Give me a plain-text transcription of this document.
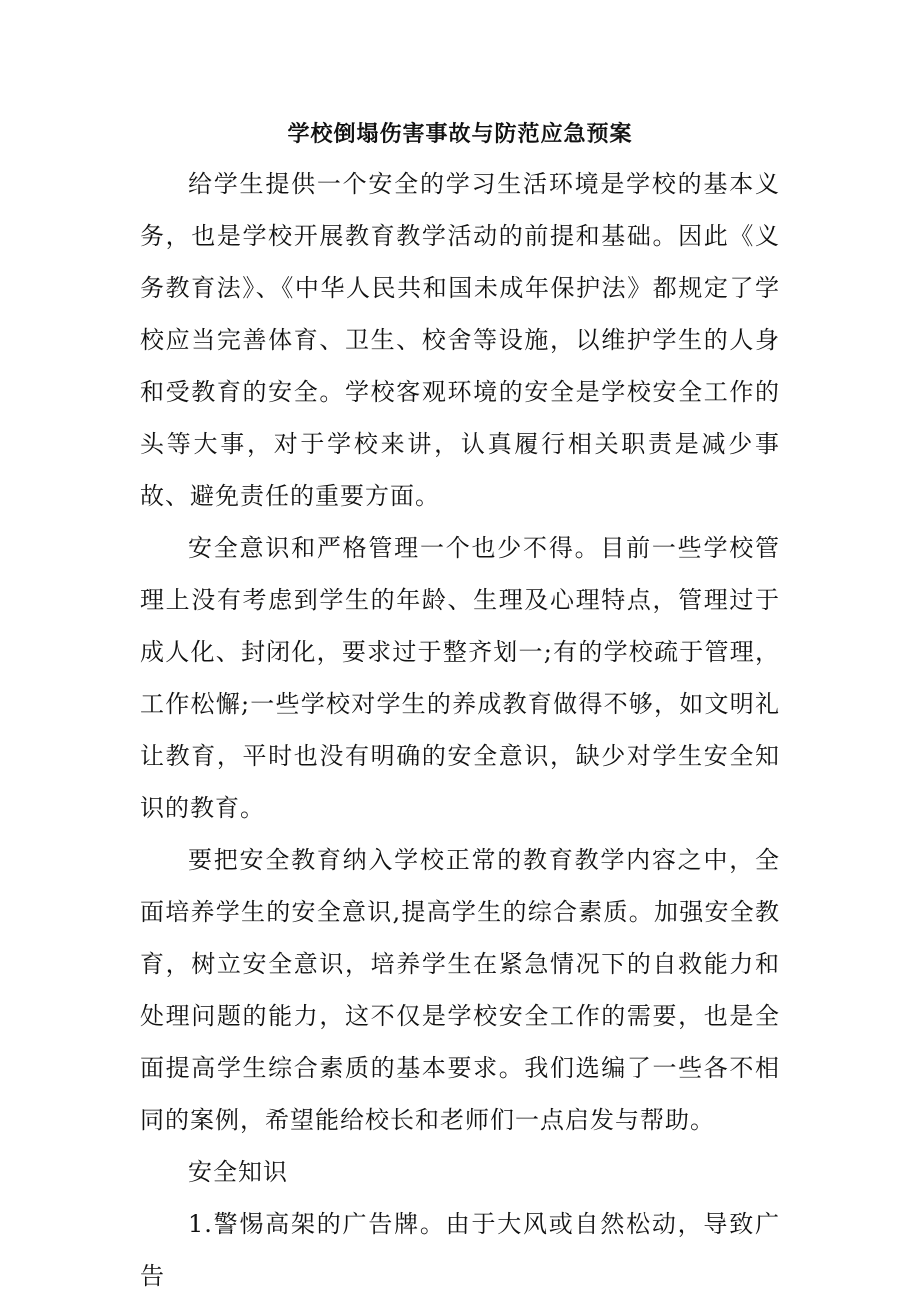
学校倒塌伤害事故与防范应急预案

给学生提供一个安全的学习生活环境是学校的基本义务，也是学校开展教育教学活动的前提和基础。因此《义务教育法》、《中华人民共和国未成年保护法》都规定了学校应当完善体育、卫生、校舍等设施，以维护学生的人身和受教育的安全。学校客观环境的安全是学校安全工作的头等大事，对于学校来讲，认真履行相关职责是减少事故、避免责任的重要方面。

安全意识和严格管理一个也少不得。目前一些学校管理上没有考虑到学生的年龄、生理及心理特点，管理过于成人化、封闭化，要求过于整齐划一;有的学校疏于管理，工作松懈;一些学校对学生的养成教育做得不够，如文明礼让教育，平时也没有明确的安全意识，缺少对学生安全知识的教育。

要把安全教育纳入学校正常的教育教学内容之中，全面培养学生的安全意识,提高学生的综合素质。加强安全教育，树立安全意识，培养学生在紧急情况下的自救能力和处理问题的能力，这不仅是学校安全工作的需要，也是全面提高学生综合素质的基本要求。我们选编了一些各不相同的案例，希望能给校长和老师们一点启发与帮助。

安全知识

1.警惕高架的广告牌。由于大风或自然松动，导致广告
